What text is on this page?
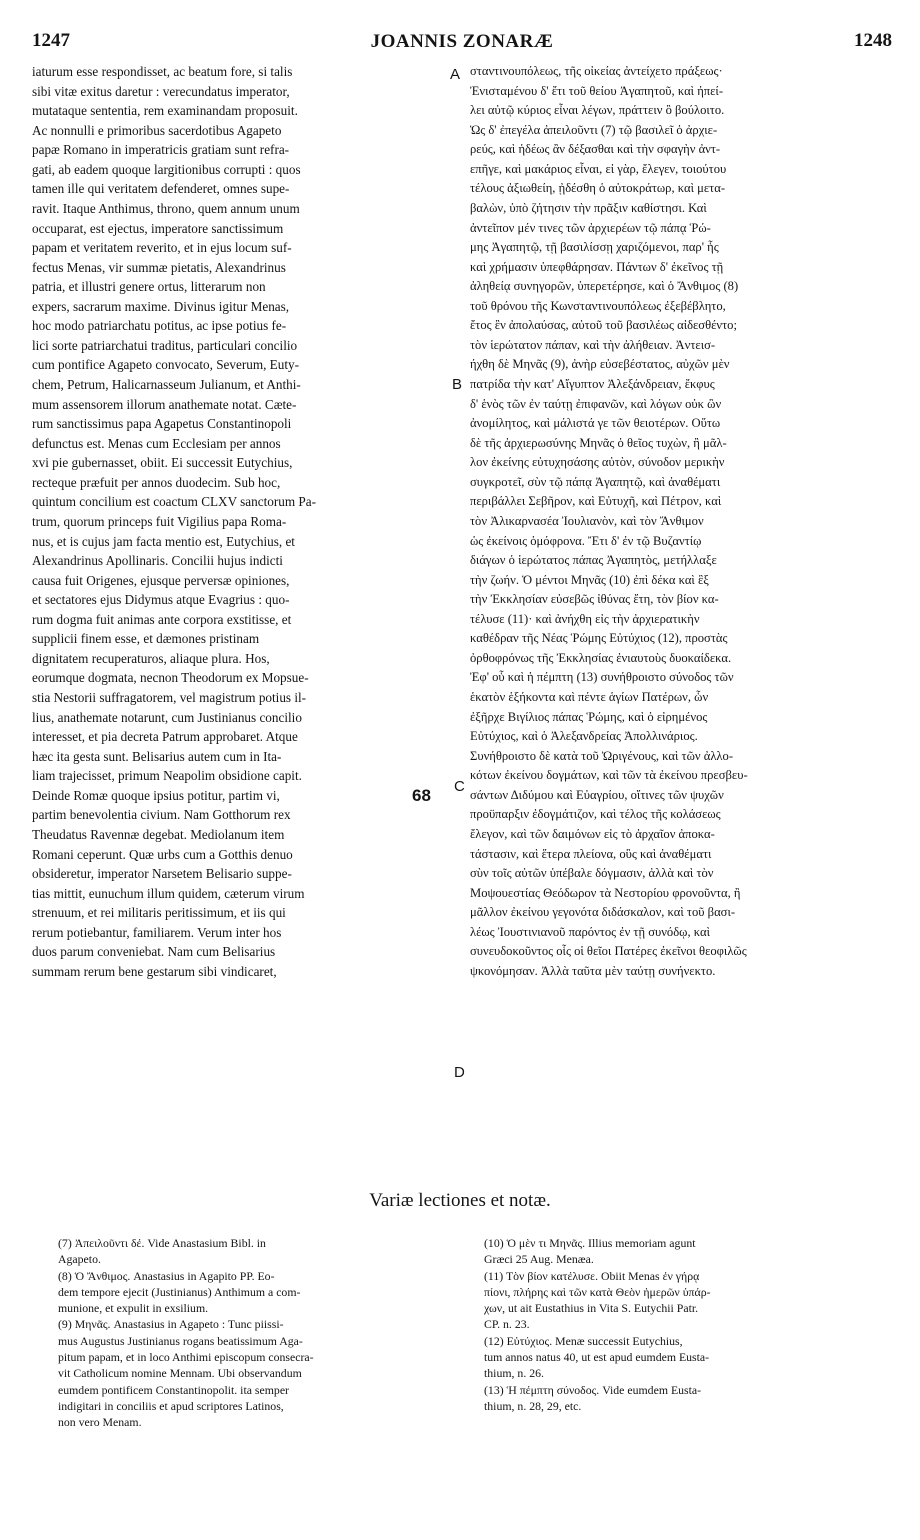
1247	JOANNIS ZONARÆ	1248
iaturum esse respondisset, ac beatum fore, si talis
sibi vitæ exitus daretur : verecundatus imperator,
mutataque sententia, rem examinandam proposuit.
Ac nonnulli e primoribus sacerdotibus Agapeto
papæ Romano in imperatricis gratiam sunt refra-
gati, ab eadem quoque largitionibus corrupti : quos
tamen ille qui veritatem defenderet, omnes supe-
ravit. Itaque Anthimus, throno, quem annum unum
occuparat, est ejectus, imperatore sanctissimum
papam et veritatem reverito, et in ejus locum suf-
fectus Menas, vir summæ pietatis, Alexandrinus
patria, et illustri genere ortus, litterarum non
expers, sacrarum maxime. Divinus igitur Menas,
hoc modo patriarchatu potitus, ac ipse potius fe-
lici sorte patriarchatui traditus, particulari concilio
cum pontifice Agapeto convocato, Severum, Euty-
chem, Petrum, Halicarnasseum Julianum, et Anthi-
mum assensorem illorum anathemate notat. Cæte-
rum sanctissimus papa Agapetus Constantinopoli
defunctus est. Menas cum Ecclesiam per annos
xvi pie gubernasset, obiit. Ei successit Eutychius,
recteque præfuit per annos duodecim. Sub hoc,
quintum concilium est coactum CLXV sanctorum Pa-
trum, quorum princeps fuit Vigilius papa Roma-
nus, et is cujus jam facta mentio est, Eutychius, et
Alexandrinus Apollinaris. Concilii hujus indicti
causa fuit Origenes, ejusque perversæ opiniones,
et sectatores ejus Didymus atque Evagrius : quo-
rum dogma fuit animas ante corpora exstitisse, et
supplicii finem esse, et dæmones pristinam
dignitatem recuperaturos, aliaque plura. Hos,
eorumque dogmata, necnon Theodorum ex Mopsue-
stia Nestorii suffragatorem, vel magistrum potius il-
lius, anathemate notarunt, cum Justinianus concilio
interesset, et pia decreta Patrum approbaret. Atque
hæc ita gesta sunt. Belisarius autem cum in Ita-
liam trajecisset, primum Neapolim obsidione capit.
Deinde Romæ quoque ipsius potitur, partim vi,
partim benevolentia civium. Nam Gotthorum rex
Theudatus Ravennæ degebat. Mediolanum item
Romani ceperunt. Quæ urbs cum a Gotthis denuo
obsideretur, imperator Narsetem Belisario suppe-
tias mittit, eunuchum illum quidem, cæterum virum
strenuum, et rei militaris peritissimum, et iis qui
rerum potiebantur, familiarem. Verum inter hos
duos parum conveniebat. Nam cum Belisarius
summam rerum bene gestarum sibi vindicaret,
σταντινουπόλεως, τῆς οἰκείας ἀντείχετο πράξεως·
Ἐνισταμένου δ' ἔτι τοῦ θείου Ἀγαπητοῦ, καὶ ἠπεί-
λει αὐτῷ κύριος εἶναι λέγων, πράττειν ὃ βούλοιτο.
Ὡς δ' ἐπεγέλα ἀπειλοῦντι (7) τῷ βασιλεῖ ὁ ἀρχιε-
ρεύς, καὶ ἡδέως ἂν δέξασθαι καὶ τὴν σφαγὴν ἀντ-
επῆγε, καὶ μακάριος εἶναι, εἰ γὰρ, ἔλεγεν, τοιούτου
τέλους ἀξιωθείη, ᾐδέσθη ὁ αὐτοκράτωρ, καὶ μετα-
βαλὼν, ὑπὸ ζήτησιν τὴν πρᾶξιν καθίστησι. Καὶ
ἀντεῖπον μέν τινες τῶν ἀρχιερέων τῷ πάπᾳ Ῥώ-
μης Ἀγαπητῷ, τῇ βασιλίσσῃ χαριζόμενοι, παρ' ἧς
καὶ χρήμασιν ὑπεφθάρησαν. Πάντων δ' ἐκεῖνος τῇ
ἀληθείᾳ συνηγορῶν, ὑπερετέρησε, καὶ ὁ Ἄνθιμος (8)
τοῦ θρόνου τῆς Κωνσταντινουπόλεως ἐξεβέβλητο,
ἔτος ἓν ἀπολαύσας, αὐτοῦ τοῦ βασιλέως αἰδεσθέντο;
τὸν ἱερώτατον πάπαν, καὶ τὴν ἀλήθειαν. Ἀντεισ-
ήχθη δὲ Μηνᾶς (9), ἀνὴρ εὐσεβέστατος, αὐχῶν μὲν
πατρίδα τὴν κατ' Αἴγυπτον Ἀλεξάνδρειαν, ἔκφυς
δ' ἑνὸς τῶν ἐν ταύτῃ ἐπιφανῶν, καὶ λόγων οὐκ ὢν
ἀνομίλητος, καὶ μάλιστά γε τῶν θειοτέρων. Οὕτω
δὲ τῆς ἀρχιερωσύνης Μηνᾶς ὁ θεῖος τυχὼν, ἢ μᾶλ-
λον ἐκείνης εὐτυχησάσης αὐτὸν, σύνοδον μερικὴν
συγκροτεῖ, σὺν τῷ πάπᾳ Ἀγαπητῷ, καὶ ἀναθέματι
περιβάλλει Σεβῆρον, καὶ Εὐτυχῆ, καὶ Πέτρον, καὶ
τὸν Ἀλικαρνασέα Ἰουλιανὸν, καὶ τὸν Ἄνθιμον
ὡς ἐκείνοις ὁμόφρονα. Ἔτι δ' ἐν τῷ Βυζαντίῳ
διάγων ὁ ἱερώτατος πάπας Ἀγαπητὸς, μετήλλαξε
τὴν ζωήν. Ὁ μέντοι Μηνᾶς (10) ἐπὶ δέκα καὶ ἓξ
τὴν Ἐκκλησίαν εὐσεβῶς ἰθύνας ἔτη, τὸν βίον κα-
τέλυσε (11)· καὶ ἀνήχθη εἰς τὴν ἀρχιερατικὴν
καθέδραν τῆς Νέας Ῥώμης Εὐτύχιος (12), προστὰς
ὀρθοφρόνως τῆς Ἐκκλησίας ἐνιαυτοὺς δυοκαίδεκα.
Ἐφ' οὗ καὶ ἡ πέμπτη (13) συνήθροιστο σύνοδος τῶν
ἑκατὸν ἑξήκοντα καὶ πέντε ἁγίων Πατέρων, ὧν
ἐξῆρχε Βιγίλιος πάπας Ῥώμης, καὶ ὁ εἰρημένος
Εὐτύχιος, καὶ ὁ Ἀλεξανδρείας Ἀπολλινάριος.
Συνήθροιστο δὲ κατὰ τοῦ Ὠριγένους, καὶ τῶν ἀλλο-
κότων ἐκείνου δογμάτων, καὶ τῶν τὰ ἐκείνου πρεσβευ-
σάντων Διδύμου καὶ Εὐαγρίου, οἵτινες τῶν ψυχῶν
προϋπαρξιν ἐδογμάτιζον, καὶ τέλος τῆς κολάσεως
ἔλεγον, καὶ τῶν δαιμόνων εἰς τὸ ἀρχαῖον ἀποκα-
τάστασιν, καὶ ἕτερα πλείονα, οὓς καὶ ἀναθέματι
σὺν τοῖς αὐτῶν ὑπέβαλε δόγμασιν, ἀλλὰ καὶ τὸν
Μοψουεστίας Θεόδωρον τὰ Νεστορίου φρονοῦντα, ἢ
μᾶλλον ἐκείνου γεγονότα διδάσκαλον, καὶ τοῦ βασι-
λέως Ἰουστινιανοῦ παρόντος ἐν τῇ συνόδῳ, καὶ
συνευδοκοῦντος οἷς οἱ θεῖοι Πατέρες ἐκεῖνοι θεοφιλῶς
ψκονόμησαν. Ἀλλὰ ταῦτα μὲν ταύτῃ συνήνεκτο.
A
B
C
D
68
Variæ lectiones et notæ.
(7) Ἀπειλοῦντι δέ. Vide Anastasium Bibl. in
Agapeto.
(8) Ὁ Ἄνθιμος. Anastasius in Agapito PP. Eo-
dem tempore ejecit (Justinianus) Anthimum a com-
munione, et expulit in exsilium.
(9) Μηνᾶς. Anastasius in Agapeto : Tunc piissi-
mus Augustus Justinianus rogans beatissimum Aga-
pitum papam, et in loco Anthimi episcopum consecra-
vit Catholicum nomine Mennam. Ubi observandum
eumdem pontificem Constantinopolit. ita semper
indigitari in conciliis et apud scriptores Latinos,
non vero Menam.
(10) Ὁ μὲν τι Μηνᾶς. Illius memoriam agunt
Græci 25 Aug. Menæa.
(11) Τὸν βίον κατέλυσε. Obiit Menas ἐν γήρᾳ
πίονι, πλήρης καὶ τῶν κατὰ Θεὸν ἡμερῶν ὑπάρ-
χων, ut ait Eustathius in Vita S. Eutychii Patr.
CP. n. 23.
(12) Εὐτύχιος. Menæ successit Eutychius,
tum annos natus 40, ut est apud eumdem Eusta-
thium, n. 26.
(13) Ἡ πέμπτη σύνοδος. Vide eumdem Eusta-
thium, n. 28, 29, etc.
